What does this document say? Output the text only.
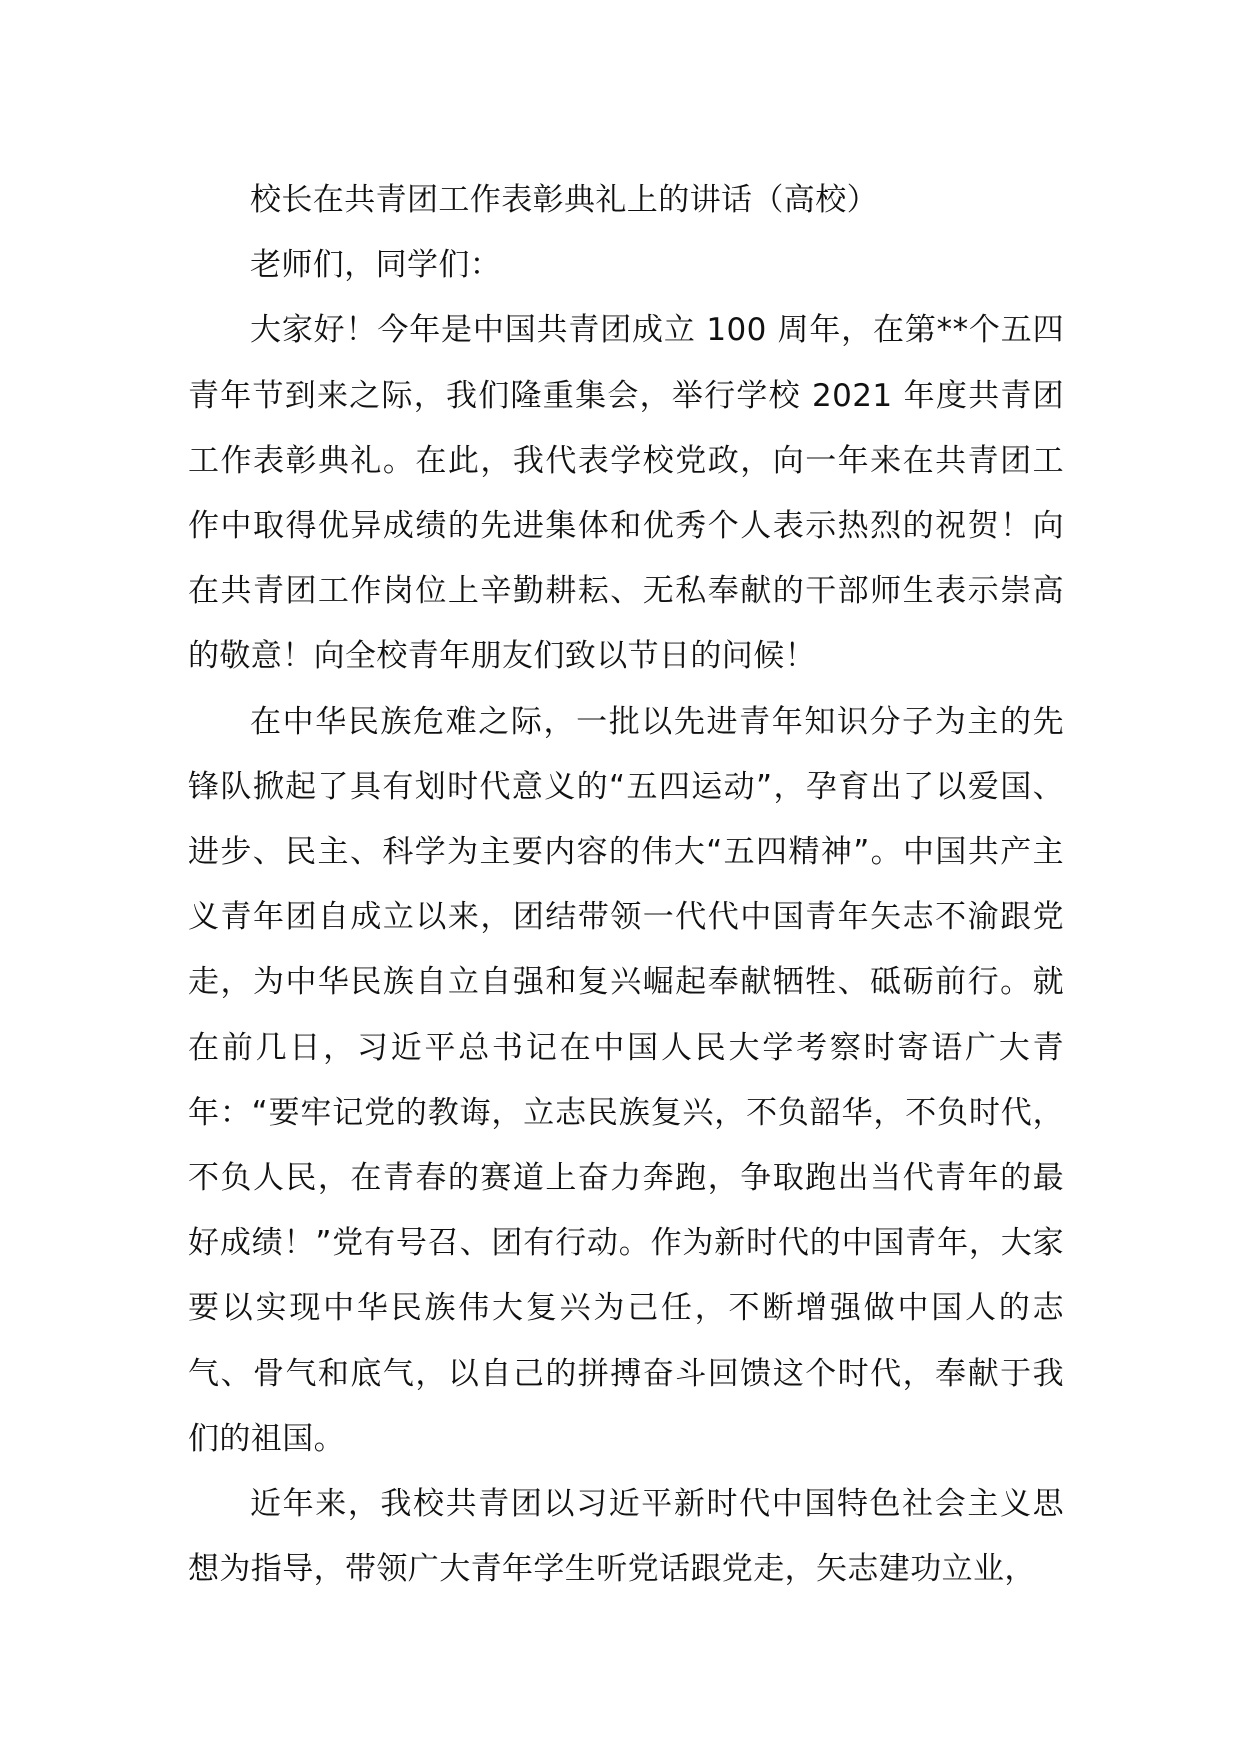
校长在共青团工作表彰典礼上的讲话（高校）

老师们，同学们：

大家好！今年是中国共青团成立 100 周年，在第**个五四青年节到来之际，我们隆重集会，举行学校 2021 年度共青团工作表彰典礼。在此，我代表学校党政，向一年来在共青团工作中取得优异成绩的先进集体和优秀个人表示热烈的祝贺！向在共青团工作岗位上辛勤耕耘、无私奉献的干部师生表示崇高的敬意！向全校青年朋友们致以节日的问候！

在中华民族危难之际，一批以先进青年知识分子为主的先锋队掀起了具有划时代意义的“五四运动”，孕育出了以爱国、进步、民主、科学为主要内容的伟大“五四精神”。中国共产主义青年团自成立以来，团结带领一代代中国青年矢志不渝跟党走，为中华民族自立自强和复兴崛起奉献牺牲、砥砺前行。就在前几日，习近平总书记在中国人民大学考察时寄语广大青年：“要牢记党的教诲，立志民族复兴，不负韶华，不负时代，不负人民，在青春的赛道上奋力奔跑，争取跑出当代青年的最好成绩！”党有号召、团有行动。作为新时代的中国青年，大家要以实现中华民族伟大复兴为己任，不断增强做中国人的志气、骨气和底气，以自己的拼搏奋斗回馈这个时代，奉献于我们的祖国。

近年来，我校共青团以习近平新时代中国特色社会主义思想为指导，带领广大青年学生听党话跟党走，矢志建功立业，
